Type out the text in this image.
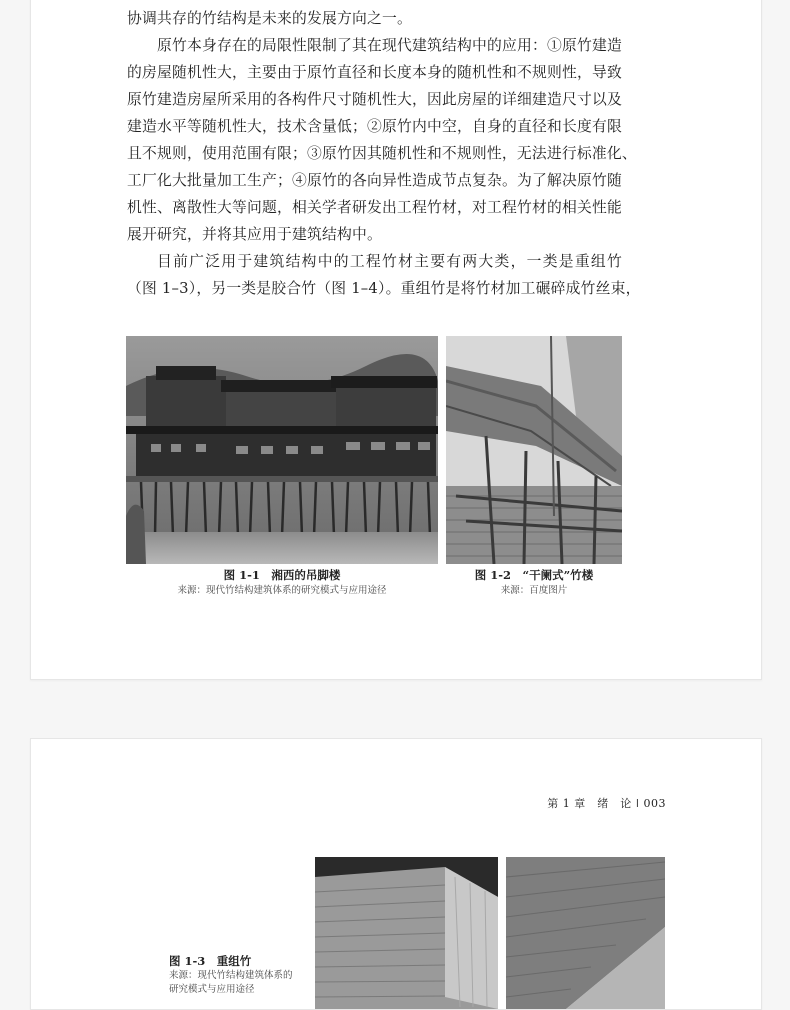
协调共存的竹结构是未来的发展方向之一。
原竹本身存在的局限性限制了其在现代建筑结构中的应用：①原竹建造
的房屋随机性大，主要由于原竹直径和长度本身的随机性和不规则性，导致
原竹建造房屋所采用的各构件尺寸随机性大，因此房屋的详细建造尺寸以及
建造水平等随机性大，技术含量低；②原竹内中空，自身的直径和长度有限
且不规则，使用范围有限；③原竹因其随机性和不规则性，无法进行标准化、
工厂化大批量加工生产；④原竹的各向异性造成节点复杂。为了解决原竹随
机性、离散性大等问题，相关学者研发出工程竹材，对工程竹材的相关性能
展开研究，并将其应用于建筑结构中。
目前广泛用于建筑结构中的工程竹材主要有两大类，一类是重组竹
（图 1–3），另一类是胶合竹（图 1–4）。重组竹是将竹材加工碾碎成竹丝束，
图 1-1　湘西的吊脚楼
来源：现代竹结构建筑体系的研究模式与应用途径
图 1-2　“干阑式”竹楼
来源：百度图片
第 1 章　绪　论 ǀ 003
图 1-3　重组竹
来源：现代竹结构建筑体系的
研究模式与应用途径
